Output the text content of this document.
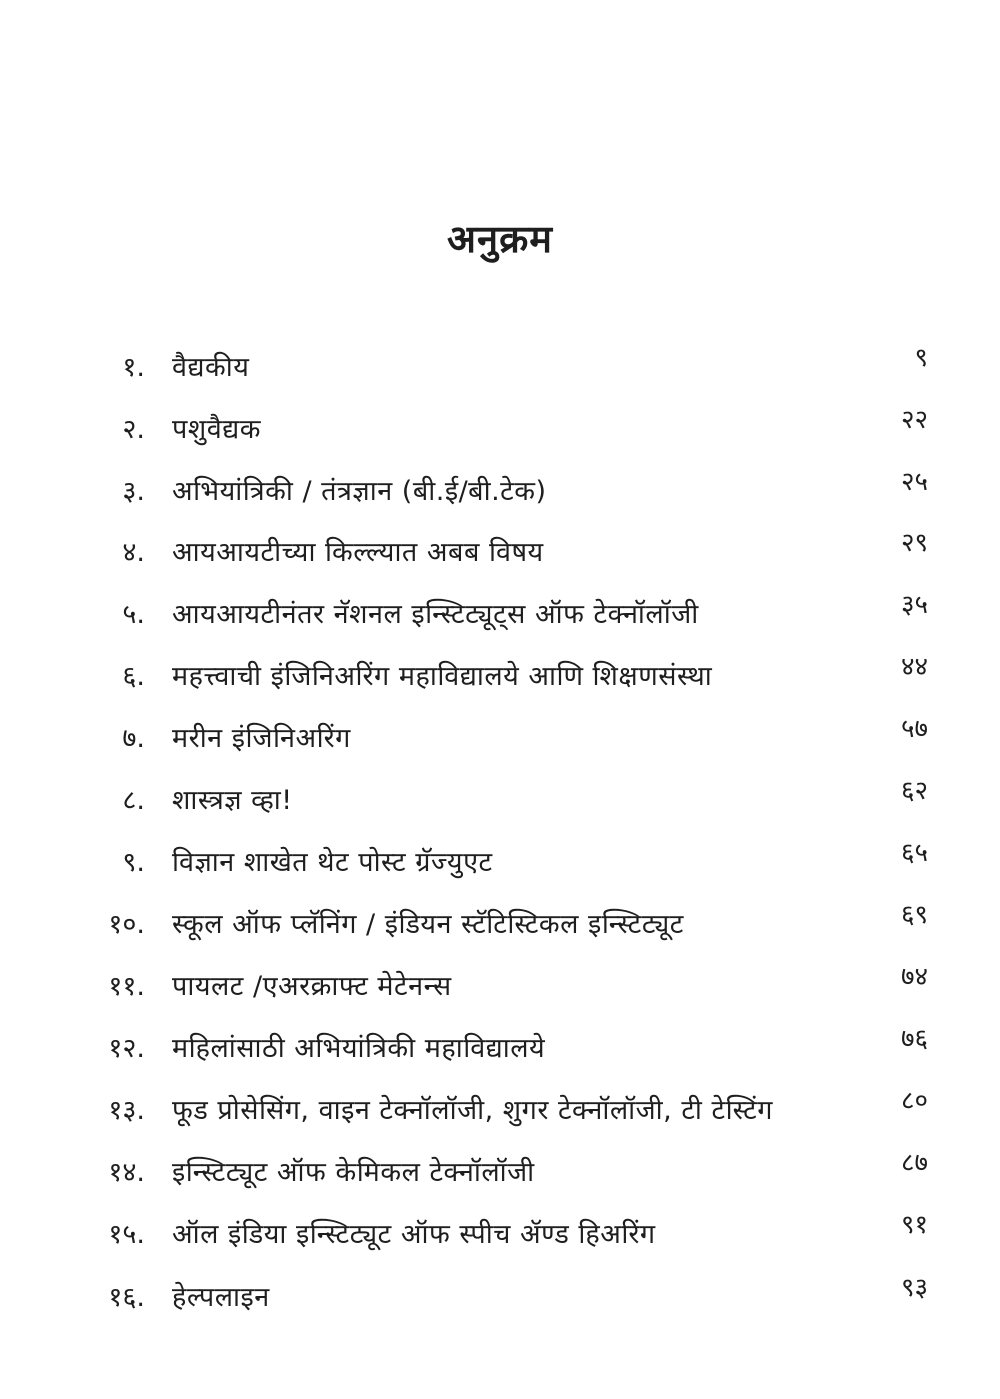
अनुक्रम
१. वैद्यकीय	९
२. पशुवैद्यक	२२
३. अभियांत्रिकी / तंत्रज्ञान (बी.ई/बी.टेक)	२५
४. आयआयटीच्या किल्ल्यात अबब विषय	२९
५. आयआयटीनंतर नॅशनल इन्स्टिट्यूट्स ऑफ टेक्नॉलॉजी	३५
६. महत्त्वाची इंजिनिअरिंग महाविद्यालये आणि शिक्षणसंस्था	४४
७. मरीन इंजिनिअरिंग	५७
८. शास्त्रज्ञ व्हा!	६२
९. विज्ञान शाखेत थेट पोस्ट ग्रॅज्युएट	६५
१०. स्कूल ऑफ प्लॅनिंग / इंडियन स्टॅटिस्टिकल इन्स्टिट्यूट	६९
११. पायलट /एअरक्राफ्ट मेटेनन्स	७४
१२. महिलांसाठी अभियांत्रिकी महाविद्यालये	७६
१३. फूड प्रोसेसिंग, वाइन टेक्नॉलॉजी, शुगर टेक्नॉलॉजी, टी टेस्टिंग	८०
१४. इन्स्टिट्यूट ऑफ केमिकल टेक्नॉलॉजी	८७
१५. ऑल इंडिया इन्स्टिट्यूट ऑफ स्पीच ॲण्ड हिअरिंग	९१
१६. हेल्पलाइन	९३
